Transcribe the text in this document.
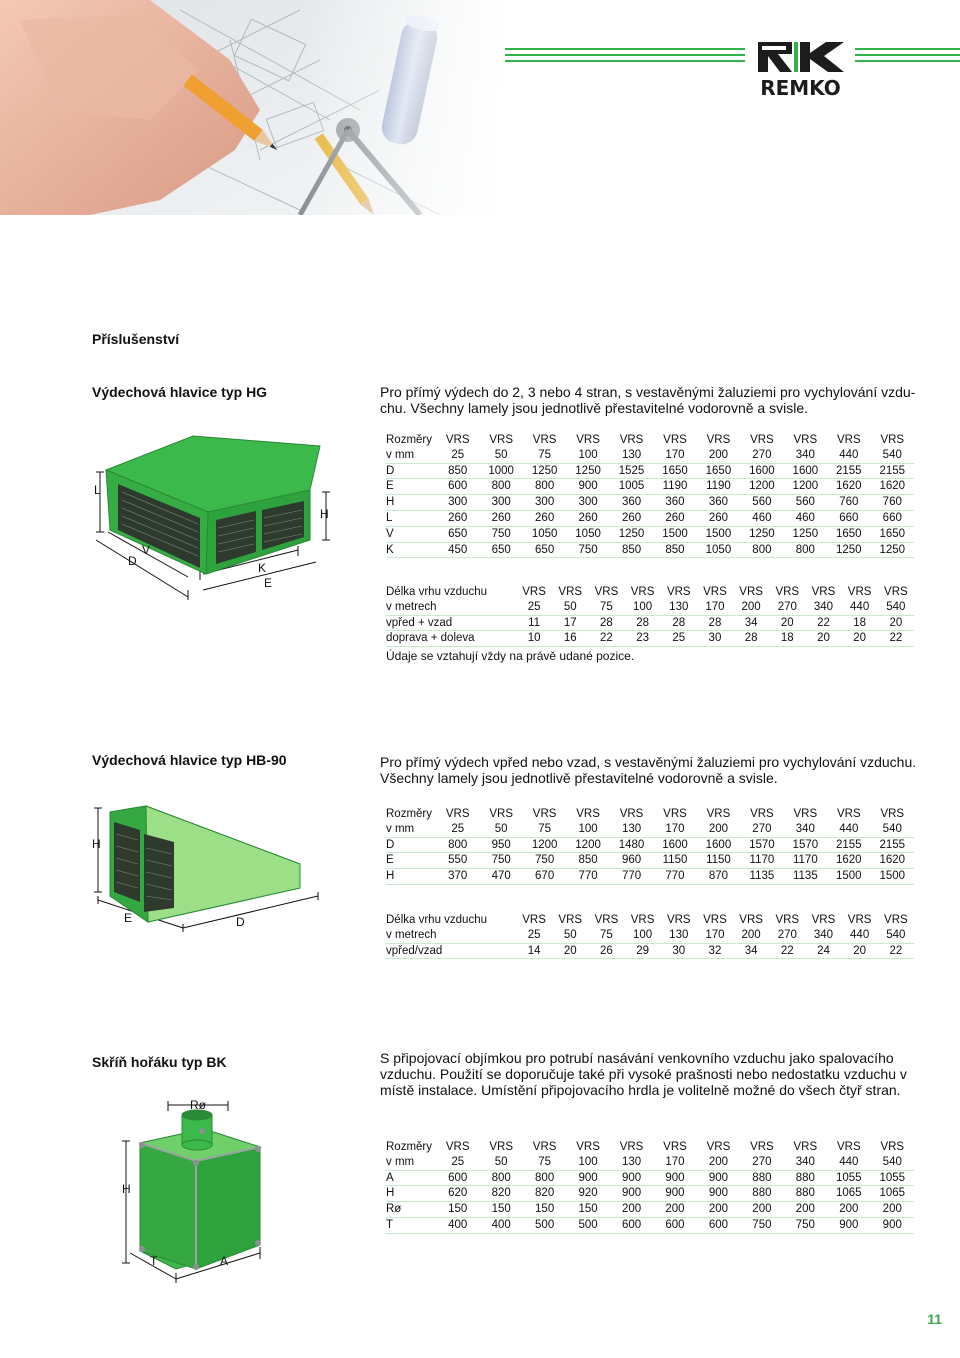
REMKO
Příslušenství
Výdechová hlavice typ HG	Pro přímý výdech do 2, 3 nebo 4 stran, s vestavěnými žaluziemi pro vychylování vzdu-chu. Všechny lamely jsou jednotlivě přestavitelné vodorovně a svisle.
L
H
V
D	K
E
Rozměry	VRS	VRS	VRS	VRS	VRS	VRS	VRS	VRS	VRS	VRS	VRS
v mm	25	50	75	100	130	170	200	270	340	440	540
D	850	1000	1250	1250	1525	1650	1650	1600	1600	2155	2155
E	600	800	800	900	1005	1190	1190	1200	1200	1620	1620
H	300	300	300	300	360	360	360	560	560	760	760
L	260	260	260	260	260	260	260	460	460	660	660
V	650	750	1050	1050	1250	1500	1500	1250	1250	1650	1650
K	450	650	650	750	850	850	1050	800	800	1250	1250
Délka vrhu vzduchu	VRS	VRS	VRS	VRS	VRS	VRS	VRS	VRS	VRS	VRS	VRS
v metrech	25	50	75	100	130	170	200	270	340	440	540
vpřed + vzad	11	17	28	28	28	28	34	20	22	18	20
doprava + doleva	10	16	22	23	25	30	28	18	20	20	22
Údaje se vztahují vždy na právě udané pozice.
Výdechová hlavice typ HB-90	Pro přímý výdech vpřed nebo vzad, s vestavěnými žaluziemi pro vychylování vzduchu. Všechny lamely jsou jednotlivě přestavitelné vodorovně a svisle.
H
E	D
Rozměry	VRS	VRS	VRS	VRS	VRS	VRS	VRS	VRS	VRS	VRS	VRS
v mm	25	50	75	100	130	170	200	270	340	440	540
D	800	950	1200	1200	1480	1600	1600	1570	1570	2155	2155
E	550	750	750	850	960	1150	1150	1170	1170	1620	1620
H	370	470	670	770	770	770	870	1135	1135	1500	1500
Délka vrhu vzduchu	VRS	VRS	VRS	VRS	VRS	VRS	VRS	VRS	VRS	VRS	VRS
v metrech	25	50	75	100	130	170	200	270	340	440	540
vpřed/vzad	14	20	26	29	30	32	34	22	24	20	22
Skříň hořáku typ BK	S připojovací objímkou pro potrubí nasávání venkovního vzduchu jako spalovacího vzduchu. Použití se doporučuje také při vysoké prašnosti nebo nedostatku vzduchu v místě instalace. Umístění připojovacího hrdla je volitelně možné do všech čtyř stran.
Rø
H
T	A
Rozměry	VRS	VRS	VRS	VRS	VRS	VRS	VRS	VRS	VRS	VRS	VRS
v mm	25	50	75	100	130	170	200	270	340	440	540
A	600	800	800	900	900	900	900	880	880	1055	1055
H	620	820	820	920	900	900	900	880	880	1065	1065
Rø	150	150	150	150	200	200	200	200	200	200	200
T	400	400	500	500	600	600	600	750	750	900	900
11
